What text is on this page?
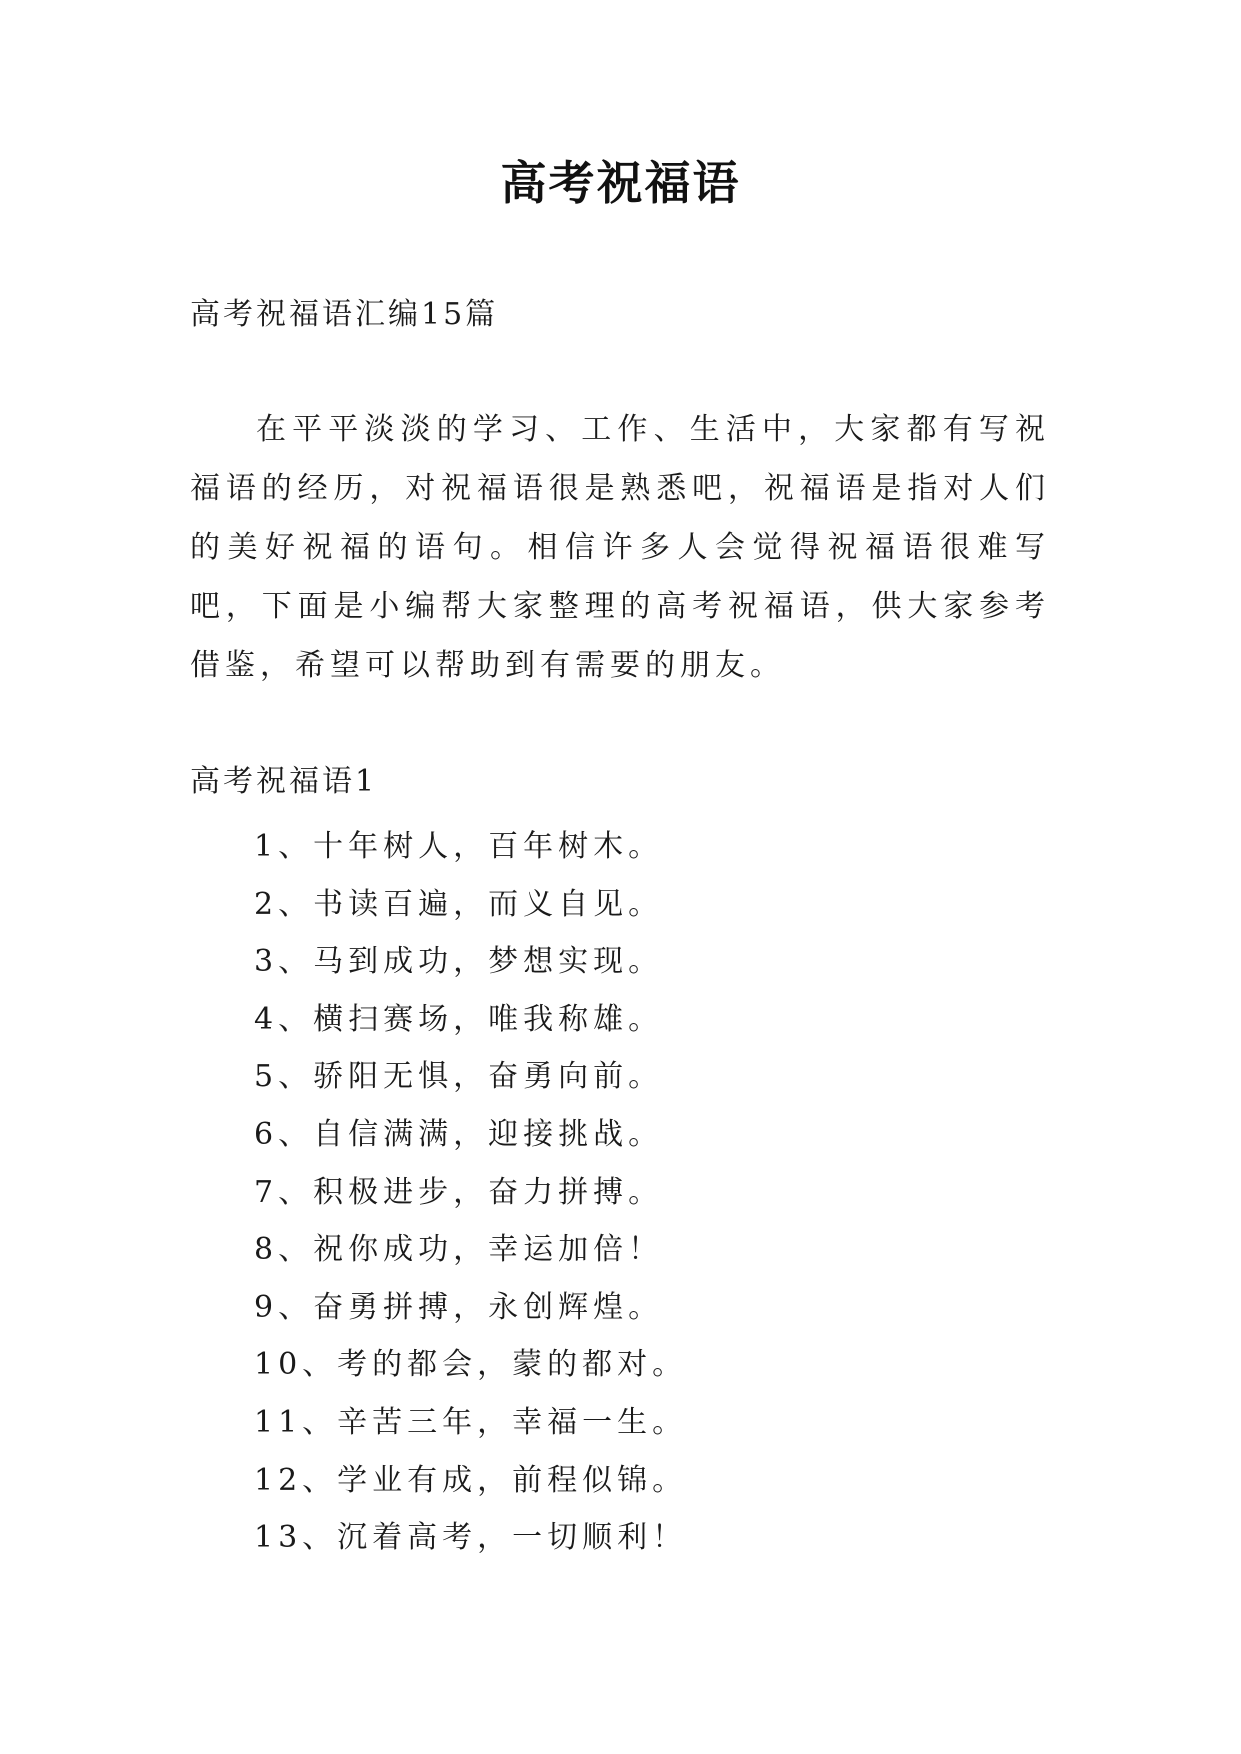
高考祝福语
高考祝福语汇编15篇

在平平淡淡的学习、工作、生活中，大家都有写祝福语的经历，对祝福语很是熟悉吧，祝福语是指对人们的美好祝福的语句。相信许多人会觉得祝福语很难写吧，下面是小编帮大家整理的高考祝福语，供大家参考借鉴，希望可以帮助到有需要的朋友。

高考祝福语1
1、十年树人，百年树木。
2、书读百遍，而义自见。
3、马到成功，梦想实现。
4、横扫赛场，唯我称雄。
5、骄阳无惧，奋勇向前。
6、自信满满，迎接挑战。
7、积极进步，奋力拼搏。
8、祝你成功，幸运加倍！
9、奋勇拼搏，永创辉煌。
10、考的都会，蒙的都对。
11、辛苦三年，幸福一生。
12、学业有成，前程似锦。
13、沉着高考，一切顺利！
